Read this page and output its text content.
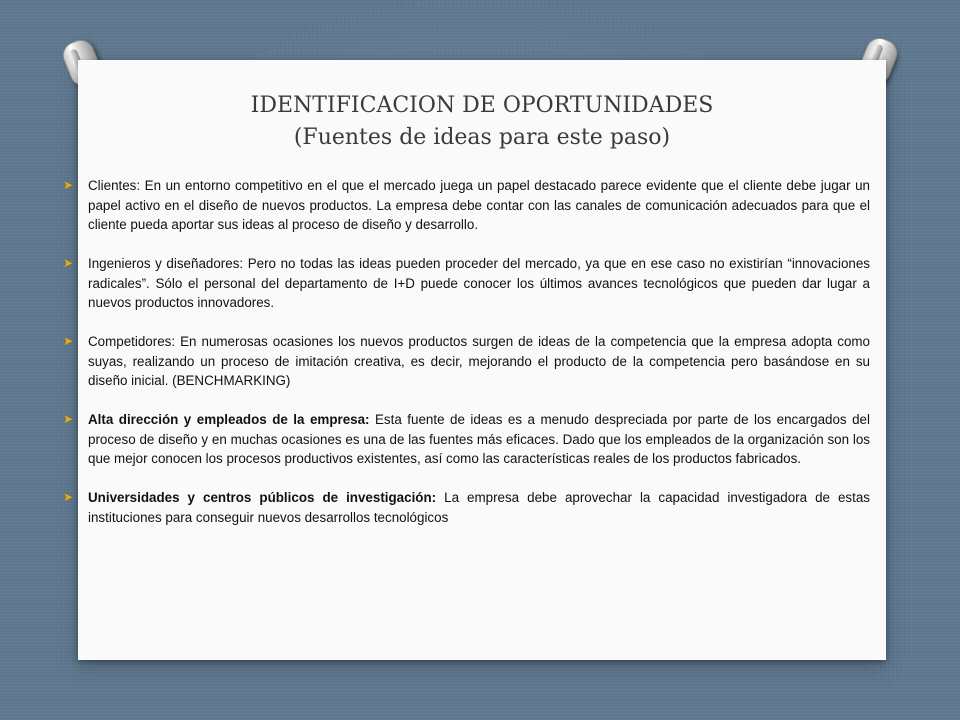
IDENTIFICACION DE OPORTUNIDADES
(Fuentes de ideas para este paso)
➤ Clientes: En un entorno competitivo en el que el mercado juega un papel destacado parece evidente que el cliente debe jugar un papel activo en el diseño de nuevos productos. La empresa debe contar con las canales de comunicación adecuados para que el cliente pueda aportar sus ideas al proceso de diseño y desarrollo.
➤ Ingenieros y diseñadores: Pero no todas las ideas pueden proceder del mercado, ya que en ese caso no existirían “innovaciones radicales”. Sólo el personal del departamento de I+D puede conocer los últimos avances tecnológicos que pueden dar lugar a nuevos productos innovadores.
➤ Competidores: En numerosas ocasiones los nuevos productos surgen de ideas de la competencia que la empresa adopta como suyas, realizando un proceso de imitación creativa, es decir, mejorando el producto de la competencia pero basándose en su diseño inicial. (BENCHMARKING)
➤ Alta dirección y empleados de la empresa: Esta fuente de ideas es a menudo despreciada por parte de los encargados del proceso de diseño y en muchas ocasiones es una de las fuentes más eficaces. Dado que los empleados de la organización son los que mejor conocen los procesos productivos existentes, así como las características reales de los productos fabricados.
➤ Universidades y centros públicos de investigación: La empresa debe aprovechar la capacidad investigadora de estas instituciones para conseguir nuevos desarrollos tecnológicos
